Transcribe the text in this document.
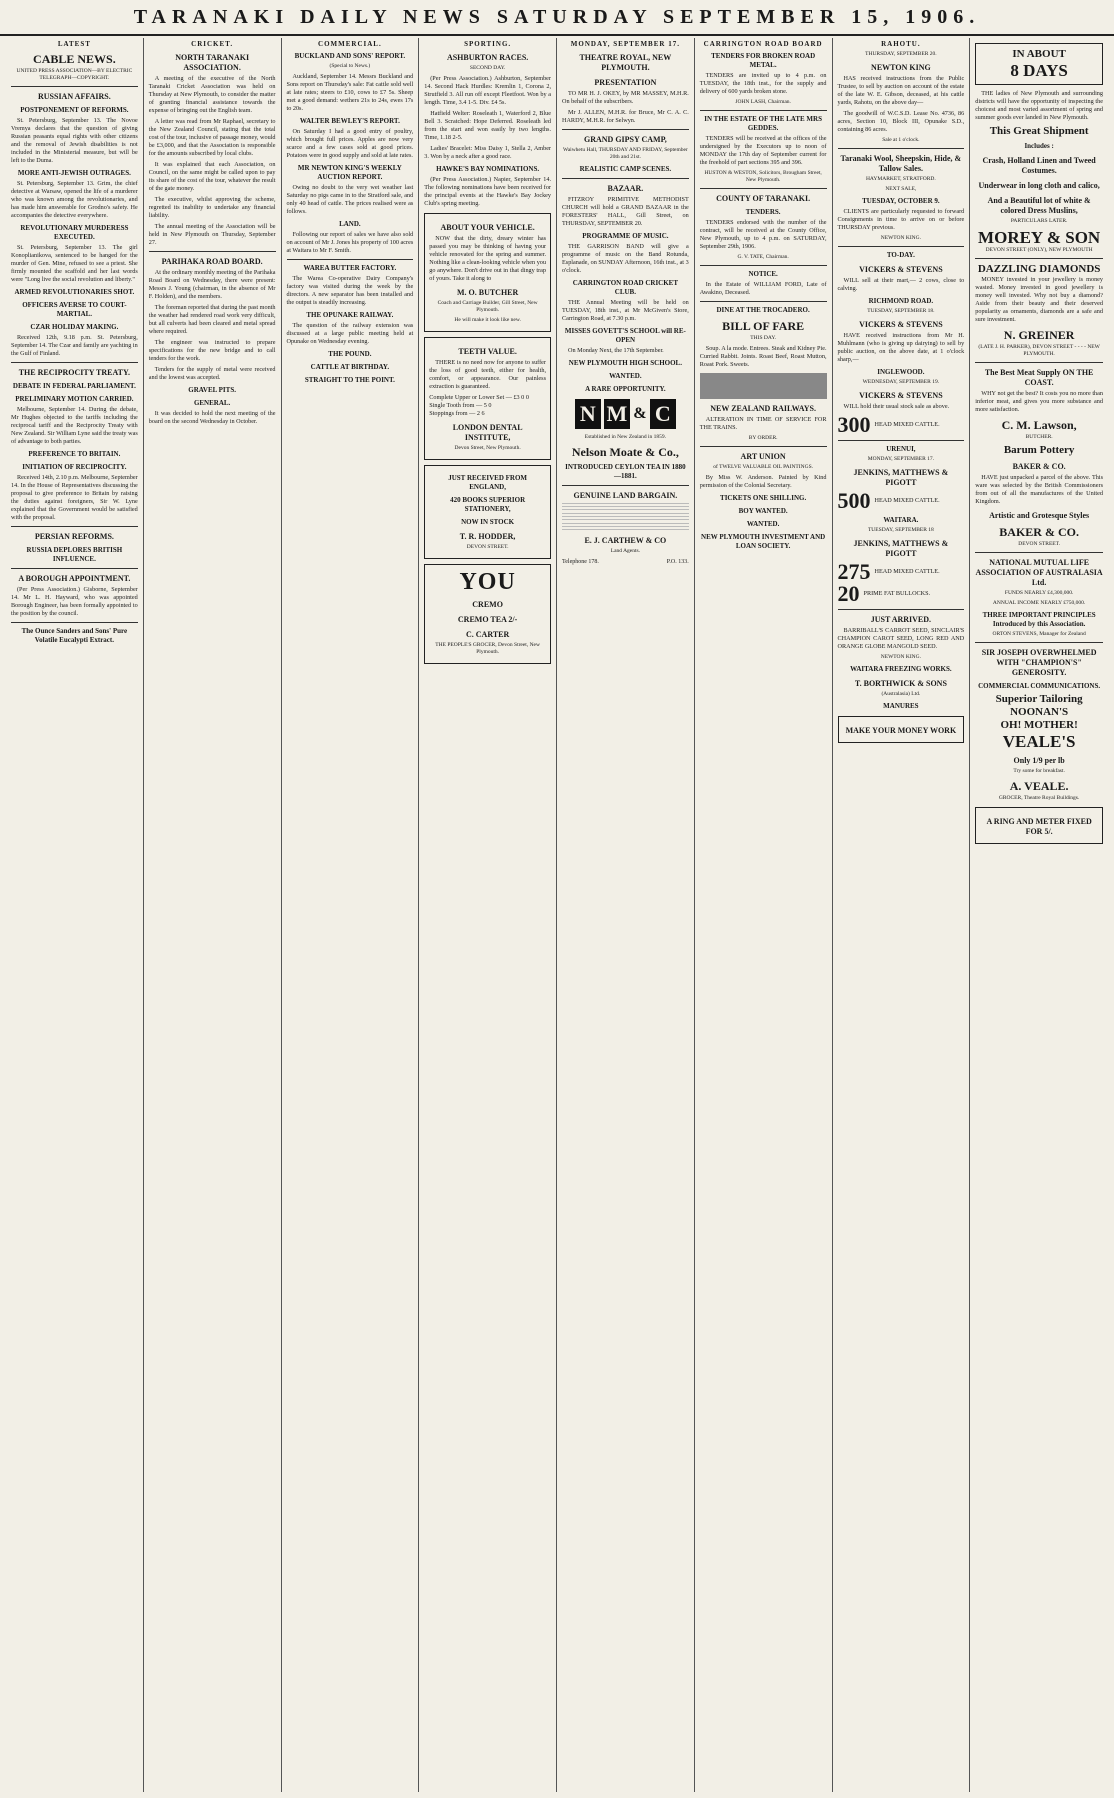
TARANAKI DAILY NEWS SATURDAY SEPTEMBER 15, 1906.
LATEST
CABLE NEWS.
UNITED PRESS ASSOCIATION—BY ELECTRIC TELEGRAPH—COPYRIGHT.
RUSSIAN AFFAIRS.
POSTPONEMENT OF REFORMS.

St. Petersburg, September 13. The Novoe Vremya declares that the question of giving Russian peasants equal rights with other citizens and the removal of Jewish disabilities is not included in the Ministerial measure, but will be left to the Duma.

MORE ANTI-JEWISH OUTRAGES.

St. Petersburg, September 13. Grim, the chief detective at Warsaw, opened the life of a murderer who was known among the revolutionaries, and has made him answerable for Grodno's safety. He accompanies the detective everywhere.

REVOLUTIONARY MURDERESS EXECUTED.

St. Petersburg, September 13. The girl Konoplianikova, sentenced to be hanged for the murder of Gen. Mine, refused to see a priest. She firmly mounted the scaffold and her last words were "Long live the social revolution and liberty."

ARMED REVOLUTIONARIES SHOT.
OFFICERS AVERSE TO COURT-MARTIAL.
CZAR HOLIDAY MAKING.

Received 12th, 9.18 p.m. St. Petersburg, September 14. The Czar and family are yachting in the Gulf of Finland.

THE RECIPROCITY TREATY.
DEBATE IN FEDERAL PARLIAMENT.
PRELIMINARY MOTION CARRIED.

Melbourne, September 14. During the debate, Mr Hughes objected to the tariffs including the reciprocal tariff and the Reciprocity Treaty with New Zealand. Sir William Lyne said the treaty was of advantage to both parties.

PREFERENCE TO BRITAIN.
INITIATION OF RECIPROCITY.

Received 14th, 2.10 p.m. Melbourne, September 14. In the House of Representatives discussing the proposal to give preference to Britain by raising the duties against foreigners, Sir W. Lyne explained that the Government would be satisfied with the proposal.

PERSIAN REFORMS.
RUSSIA DEPLORES BRITISH INFLUENCE.
A BOROUGH APPOINTMENT.

(Per Press Association.) Gisborne, September 14. Mr L. H. Hayward, who was appointed Borough Engineer, has been formally appointed to the position by the council.

The Ounce Sanders and Sons' Pure Volatile Eucalypti Extract.
CRICKET.
NORTH TARANAKI ASSOCIATION.

A meeting of the executive of the North Taranaki Cricket Association was held on Thursday at New Plymouth, to consider the matter of granting financial assistance towards the expense of bringing out the English team.

A letter was read from Mr Raphael, secretary to the New Zealand Council, stating that the total cost of the tour, inclusive of passage money, would be £3,000, and that the Association is responsible for the amounts subscribed by local clubs.

It was explained that each Association, on Council, on the same might be called upon to pay its share of the cost of the tour, whatever the result of the gate money.

The executive, whilst approving the scheme, regretted its inability to undertake any financial liability.

The annual meeting of the Association will be held in New Plymouth on Thursday, September 27.

PARIHAKA ROAD BOARD.

At the ordinary monthly meeting of the Parihaka Road Board on Wednesday, there were present: Messrs J. Young (chairman, in the absence of Mr F. Holden), and the members.

The foreman reported that during the past month the weather had rendered road work very difficult, but all culverts had been cleared and metal spread where required.

The engineer was instructed to prepare specifications for the new bridge and to call tenders for the work.

Tenders for the supply of metal were received and the lowest was accepted.

GRAVEL PITS.
GENERAL.

It was decided to hold the next meeting of the board on the second Wednesday in October.

COMMERCIAL.
BUCKLAND AND SONS' REPORT.
(Special to News.)

Auckland, September 14. Messrs Buckland and Sons report on Thursday's sale: Fat cattle sold well at late rates; steers to £10, cows to £7 5s. Sheep met a good demand: wethers 21s to 24s, ewes 17s to 20s.

WALTER BEWLEY'S REPORT.

On Saturday I had a good entry of poultry, which brought full prices. Apples are now very scarce and a few cases sold at good prices. Potatoes were in good supply and sold at late rates.

MR NEWTON KING'S WEEKLY AUCTION REPORT.

Owing no doubt to the very wet weather last Saturday no pigs came in to the Stratford sale, and only 40 head of cattle. The prices realised were as follows.

LAND.

Following our report of sales we have also sold on account of Mr J. Jones his property of 100 acres at Waitara to Mr F. Smith.

WAREA BUTTER FACTORY.

The Warea Co-operative Dairy Company's factory was visited during the week by the directors. A new separator has been installed and the output is steadily increasing.

THE OPUNAKE RAILWAY.

The question of the railway extension was discussed at a large public meeting held at Opunake on Wednesday evening.

THE POUND.
CATTLE AT BIRTHDAY.
STRAIGHT TO THE POINT.
SPORTING.
ASHBURTON RACES.
SECOND DAY.

(Per Press Association.) Ashburton, September 14. Second Hack Hurdles: Kremlin 1, Corona 2, Strutfield 3. All run off except Fleetfoot. Won by a length. Time, 3.4 1-5. Div. £4 5s.

Hatfield Welter: Roseleath 1, Waterford 2, Blue Bell 3. Scratched: Hope Deferred. Roseleath led from the start and won easily by two lengths. Time, 1.18 2-5.

Ladies' Bracelet: Miss Daisy 1, Stella 2, Amber 3. Won by a neck after a good race.

HAWKE'S BAY NOMINATIONS.

(Per Press Association.) Napier, September 14. The following nominations have been received for the principal events at the Hawke's Bay Jockey Club's spring meeting.

ABOUT YOUR VEHICLE.

NOW that the dirty, dreary winter has passed you may be thinking of having your vehicle renovated for the spring and summer. Nothing like a clean-looking vehicle when you go anywhere. Don't drive out in that dingy trap of yours. Take it along to

M. O. BUTCHER
Coach and Carriage Builder, Gill Street, New Plymouth.
He will make it look like new.
TEETH VALUE.

THERE is no need now for anyone to suffer the loss of good teeth, either for health, comfort, or appearance. Our painless extraction is guaranteed.

Complete Upper or Lower Set — £3 0 0
Single Tooth from — 5 0
Stoppings from — 2 6
LONDON DENTAL INSTITUTE,
Devon Street, New Plymouth.
JUST RECEIVED FROM ENGLAND,
420 BOOKS SUPERIOR STATIONERY,
NOW IN STOCK
T. R. HODDER,
DEVON STREET.
YOU
CREMO
CREMO TEA 2/-
C. CARTER
THE PEOPLE'S GROCER, Devon Street, New Plymouth.
MONDAY, SEPTEMBER 17.
THEATRE ROYAL, NEW PLYMOUTH.
PRESENTATION

TO MR H. J. OKEY, by MR MASSEY, M.H.R. On behalf of the subscribers.

Mr J. ALLEN, M.H.R. for Bruce, Mr C. A. C. HARDY, M.H.R. for Selwyn.

GRAND GIPSY CAMP,
Waiwhetu Hall, THURSDAY AND FRIDAY, September 20th and 21st.
REALISTIC CAMP SCENES.
BAZAAR.

FITZROY PRIMITIVE METHODIST CHURCH will hold a GRAND BAZAAR in the FORESTERS' HALL, Gill Street, on THURSDAY, SEPTEMBER 20.

PROGRAMME OF MUSIC.

THE GARRISON BAND will give a programme of music on the Band Rotunda, Esplanade, on SUNDAY Afternoon, 16th inst., at 3 o'clock.

CARRINGTON ROAD CRICKET CLUB.

THE Annual Meeting will be held on TUESDAY, 18th inst., at Mr McGiven's Store, Carrington Road, at 7.30 p.m.

MISSES GOVETT'S SCHOOL will RE-OPEN

On Monday Next, the 17th September.

NEW PLYMOUTH HIGH SCHOOL.
WANTED.
A RARE OPPORTUNITY.
N M & C
Established in New Zealand in 1859.
Nelson Moate & Co.,
INTRODUCED CEYLON TEA IN 1880—1881.
GENUINE LAND BARGAIN.
E. J. CARTHEW & CO
Land Agents.
Telephone 178.	P.O. 133.
CARRINGTON ROAD BOARD
TENDERS FOR BROKEN ROAD METAL.

TENDERS are invited up to 4 p.m. on TUESDAY, the 18th inst., for the supply and delivery of 600 yards broken stone.

JOHN LASH, Chairman.
IN THE ESTATE OF THE LATE MRS GEDDES.

TENDERS will be received at the offices of the undersigned by the Executors up to noon of MONDAY the 17th day of September current for the freehold of part sections 395 and 396.

HUSTON & WESTON, Solicitors, Brougham Street, New Plymouth.
COUNTY OF TARANAKI.
TENDERS.

TENDERS endorsed with the number of the contract, will be received at the County Office, New Plymouth, up to 4 p.m. on SATURDAY, September 29th, 1906.

G. V. TATE, Chairman.
NOTICE.

In the Estate of WILLIAM FORD, Late of Awakino, Deceased.

DINE AT THE TROCADERO.
BILL OF FARE
THIS DAY.

Soup. A la mode. Entrees. Steak and Kidney Pie. Curried Rabbit. Joints. Roast Beef, Roast Mutton, Roast Pork. Sweets.

NEW ZEALAND RAILWAYS.

ALTERATION IN TIME OF SERVICE FOR THE TRAINS.

BY ORDER.
ART UNION
of TWELVE VALUABLE OIL PAINTINGS.

By Miss W. Anderson. Painted by Kind permission of the Colonial Secretary.

TICKETS ONE SHILLING.
BOY WANTED.
WANTED.
NEW PLYMOUTH INVESTMENT AND LOAN SOCIETY.
RAHOTU.
THURSDAY, SEPTEMBER 20.
NEWTON KING

HAS received instructions from the Public Trustee, to sell by auction on account of the estate of the late W. E. Gibson, deceased, at his cattle yards, Rahotu, on the above day—

The goodwill of W.C.S.D. Lease No. 4736, 86 acres, Section 10, Block III, Opunake S.D., containing 86 acres.

Sale at 1 o'clock.
Taranaki Wool, Sheepskin, Hide, & Tallow Sales.
HAYMARKET, STRATFORD.
NEXT SALE,
TUESDAY, OCTOBER 9.

CLIENTS are particularly requested to forward Consignments in time to arrive on or before THURSDAY previous.

NEWTON KING.
TO-DAY.
VICKERS & STEVENS

WILL sell at their mart,— 2 cows, close to calving.

RICHMOND ROAD.
TUESDAY, SEPTEMBER 18.
VICKERS & STEVENS

HAVE received instructions from Mr H. Muhlmann (who is giving up dairying) to sell by public auction, on the above date, at 1 o'clock sharp,—

INGLEWOOD.
WEDNESDAY, SEPTEMBER 19.
VICKERS & STEVENS

WILL hold their usual stock sale as above.

300 HEAD MIXED CATTLE.
URENUI,
MONDAY, SEPTEMBER 17.
JENKINS, MATTHEWS & PIGOTT
500 HEAD MIXED CATTLE.
WAITARA.
TUESDAY, SEPTEMBER 18
JENKINS, MATTHEWS & PIGOTT
275 HEAD MIXED CATTLE.
20 PRIME FAT BULLOCKS.
JUST ARRIVED.

BARRIBALL'S CARROT SEED, SINCLAIR'S CHAMPION CAROT SEED, LONG RED AND ORANGE GLOBE MANGOLD SEED.

NEWTON KING.
WAITARA FREEZING WORKS.
T. BORTHWICK & SONS
(Australasia) Ltd.
MANURES
MAKE YOUR MONEY WORK
IN ABOUT
8 DAYS

THE ladies of New Plymouth and surrounding districts will have the opportunity of inspecting the choicest and most varied assortment of spring and summer goods ever landed in New Plymouth.

This Great Shipment
Includes :
Crash, Holland Linen and Tweed Costumes.
Underwear in long cloth and calico,
And a Beautiful lot of white & colored Dress Muslins,
PARTICULARS LATER.
MOREY & SON
DEVON STREET (ONLY), NEW PLYMOUTH
DAZZLING DIAMONDS

MONEY invested in your jewellery is money wasted. Money invested in good jewellery is money well invested. Why not buy a diamond? Aside from their beauty and their deserved popularity as ornaments, diamonds are a safe and sure investment.

N. GREINER
(LATE J. H. PARKER), DEVON STREET - - - - NEW PLYMOUTH.
The Best Meat Supply ON THE COAST.

WHY not get the best? It costs you no more than inferior meat, and gives you more substance and more satisfaction.

C. M. Lawson,
BUTCHER.
Barum Pottery
BAKER & CO.

HAVE just unpacked a parcel of the above. This ware was selected by the British Commissioners from out of all the manufactures of the United Kingdom.

Artistic and Grotesque Styles
BAKER & CO.
DEVON STREET.
NATIONAL MUTUAL LIFE ASSOCIATION OF AUSTRALASIA Ltd.
FUNDS NEARLY £4,300,000.
ANNUAL INCOME NEARLY £750,000.
THREE IMPORTANT PRINCIPLES Introduced by this Association.
ORTON STEVENS, Manager for Zealand
SIR JOSEPH OVERWHELMED WITH "CHAMPION'S" GENEROSITY.
COMMERCIAL COMMUNICATIONS.
Superior Tailoring
NOONAN'S
OH! MOTHER!
VEALE'S
Only 1/9 per lb
Try some for breakfast.
A. VEALE.
GROCER, Theatre Royal Buildings.
A RING AND METER FIXED FOR 5/.
